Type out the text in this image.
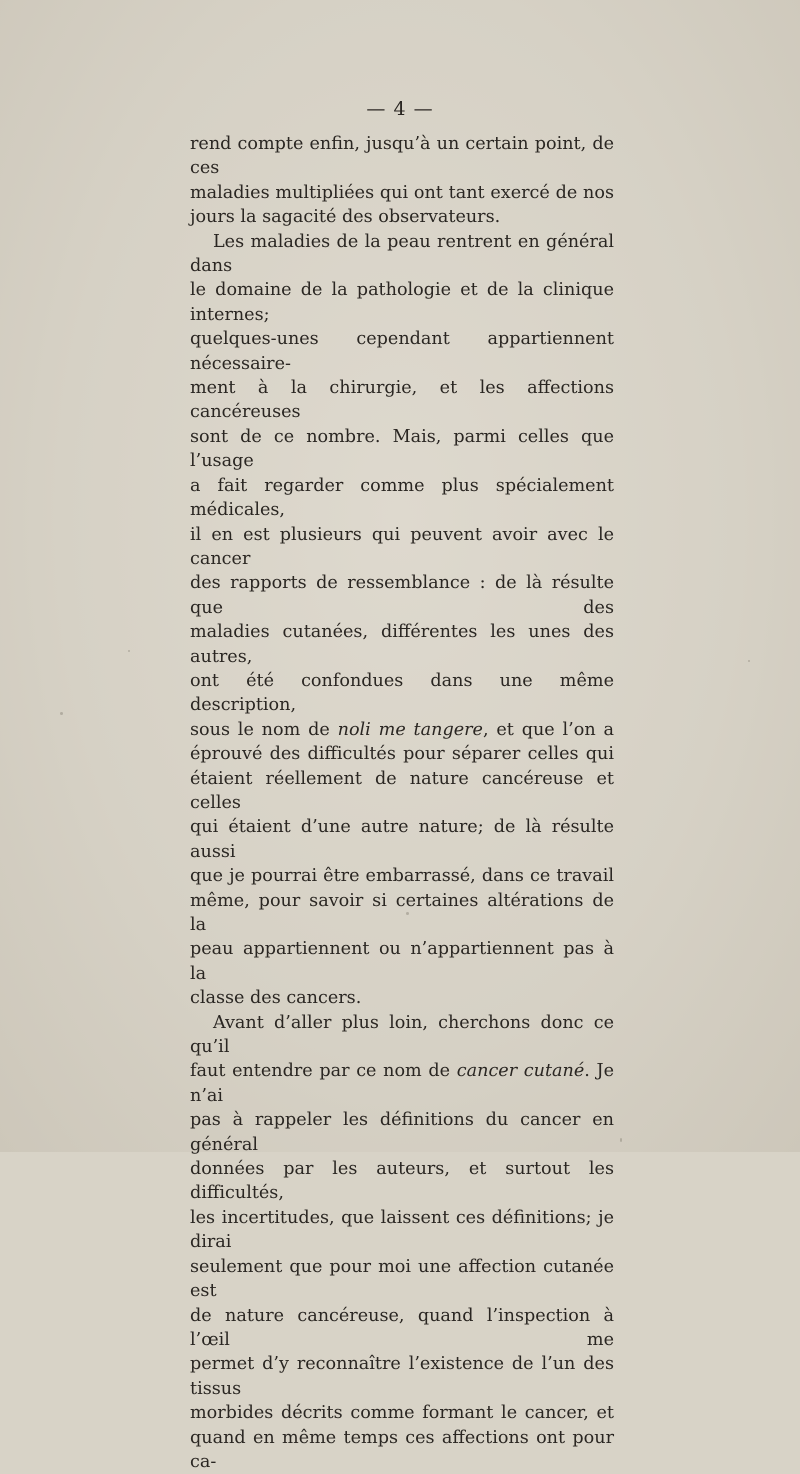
— 4 —

rend compte enfin, jusqu’à un certain point, de ces

maladies multipliées qui ont tant exercé de nos

jours la sagacité des observateurs.

Les maladies de la peau rentrent en général dans

le domaine de la pathologie et de la clinique internes;

quelques-unes cependant appartiennent nécessaire-

ment à la chirurgie, et les affections cancéreuses

sont de ce nombre. Mais, parmi celles que l’usage

a fait regarder comme plus spécialement médicales,

il en est plusieurs qui peuvent avoir avec le cancer

des rapports de ressemblance : de là résulte que des

maladies cutanées, différentes les unes des autres,

ont été confondues dans une même description,

sous le nom de noli me tangere, et que l’on a

éprouvé des difficultés pour séparer celles qui

étaient réellement de nature cancéreuse et celles

qui étaient d’une autre nature; de là résulte aussi

que je pourrai être embarrassé, dans ce travail

même, pour savoir si certaines altérations de la

peau appartiennent ou n’appartiennent pas à la

classe des cancers.

Avant d’aller plus loin, cherchons donc ce qu’il

faut entendre par ce nom de cancer cutané. Je n’ai

pas à rappeler les définitions du cancer en général

données par les auteurs, et surtout les difficultés,

les incertitudes, que laissent ces définitions; je dirai

seulement que pour moi une affection cutanée est

de nature cancéreuse, quand l’inspection à l’œil me

permet d’y reconnaître l’existence de l’un des tissus

morbides décrits comme formant le cancer, et

quand en même temps ces affections ont pour ca-
